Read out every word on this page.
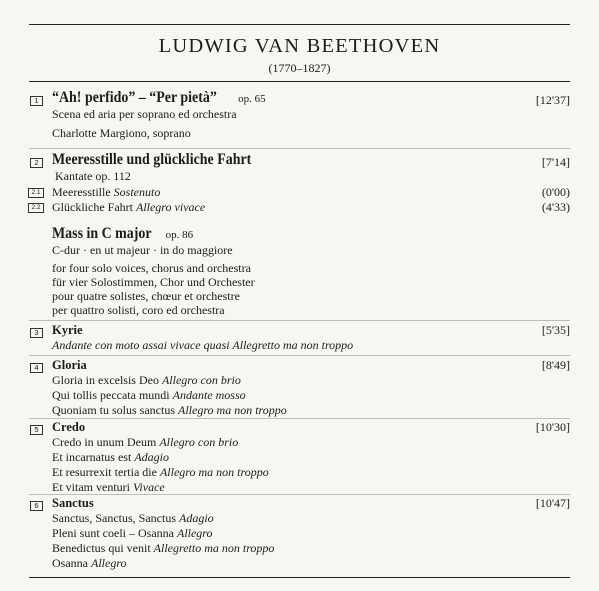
LUDWIG VAN BEETHOVEN
(1770–1827)
1 “Ah! perfido” – “Per pietà” op. 65	[12'37]
Scena ed aria per soprano ed orchestra
Charlotte Margiono, soprano
2 Meeresstille und glückliche Fahrt	[7'14]
Kantate op. 112
2.1 Meeresstille Sostenuto	(0'00)
2.2 Glückliche Fahrt Allegro vivace	(4'33)
Mass in C major op. 86
C-dur · en ut majeur · in do maggiore
for four solo voices, chorus and orchestra
für vier Solostimmen, Chor und Orchester
pour quatre solistes, chœur et orchestre
per quattro solisti, coro ed orchestra
3	Kyrie	[5'35]
Andante con moto assai vivace quasi Allegretto ma non troppo
4	Gloria	[8'49]
Gloria in excelsis Deo Allegro con brio
Qui tollis peccata mundi Andante mosso
Quoniam tu solus sanctus Allegro ma non troppo
5	Credo	[10'30]
Credo in unum Deum Allegro con brio
Et incarnatus est Adagio
Et resurrexit tertia die Allegro ma non troppo
Et vitam venturi Vivace
6	Sanctus	[10'47]
Sanctus, Sanctus, Sanctus Adagio
Pleni sunt coeli – Osanna Allegro
Benedictus qui venit Allegretto ma non troppo
Osanna Allegro
